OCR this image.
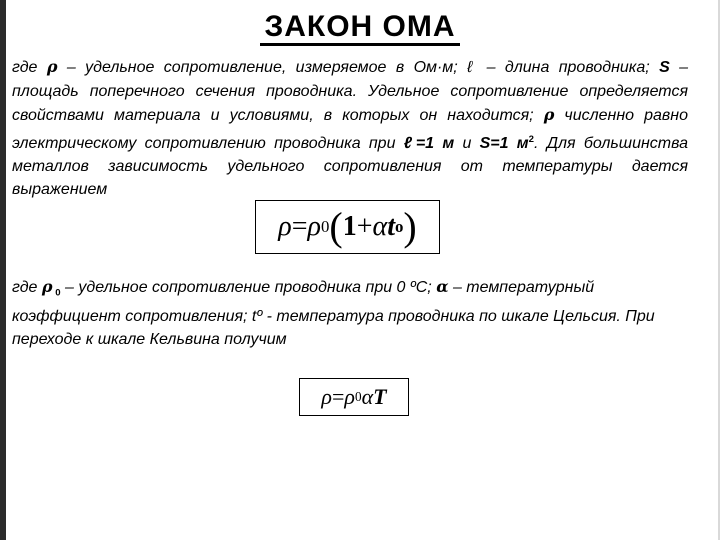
ЗАКОН ОМА
где ρ – удельное сопротивление, измеряемое в Ом·м; ℓ – длина проводника; S – площадь поперечного сечения проводника. Удельное сопротивление определяется свойствами материала и условиями, в которых он находится; ρ численно равно электрическому сопротивлению проводника при ℓ=1 м и S=1 $м^2$. Для большинства металлов зависимость удельного сопротивления от температуры дается выражением
ρ = ρ 0 ( 1 + α t o )
где ρ $_0$ – удельное сопротивление проводника при 0 ºС; α – температурный коэффициент сопротивления; tº - температура проводника по шкале Цельсия. При переходе к шкале Кельвина получим
ρ = ρ 0 α T
